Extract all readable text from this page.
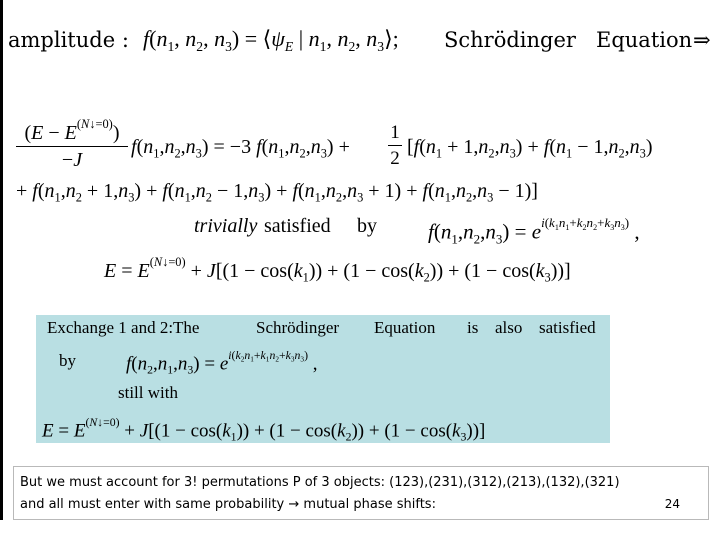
amplitude : $f(n_1$, $n_2$, $n_3$) = $⟨\psi_E$ | $n_1$, $n_2$, $n_3⟩$; Schrödinger Equation ⇒
$(E - E^{(N↓=0)})$
−J
$f(n_1,n_2,n_3) = -3$ $f(n_1,n_2,n_3)$ +
1
2
[$f(n_1 + 1,n_2,n_3) + f(n_1 - 1,n_2,n_3)$
+ $f(n_1,n_2 + 1,n_3) + f(n_1,n_2 - 1,n_3) + f(n_1,n_2,n_3 + 1) + f(n_1,n_2,n_3 - 1)$]
trivially satisfied by $f(n_1,n_2,n_3) = e^{i(k_1n_1+k_2n_2+k_3n_3)}$ ,
$E = E^{(N↓=0)} + J[(1 - \cos(k_1)) + (1 - \cos(k_2)) + (1 - \cos(k_3))]$
Exchange 1 and 2:The	Schrödinger Equation is also satisfied
by	$f(n_2,n_1,n_3) = e^{i(k_2n_1+k_1n_2+k_3n_3)}$ ,
still with
$E = E^{(N↓=0)} + J[(1 - \cos(k_1)) + (1 - \cos(k_2)) + (1 - \cos(k_3))]$
But we must account for 3! permutations P of 3 objects: (123),(231),(312),(213),(132),(321)
and all must enter with same probability → mutual phase shifts:	24
